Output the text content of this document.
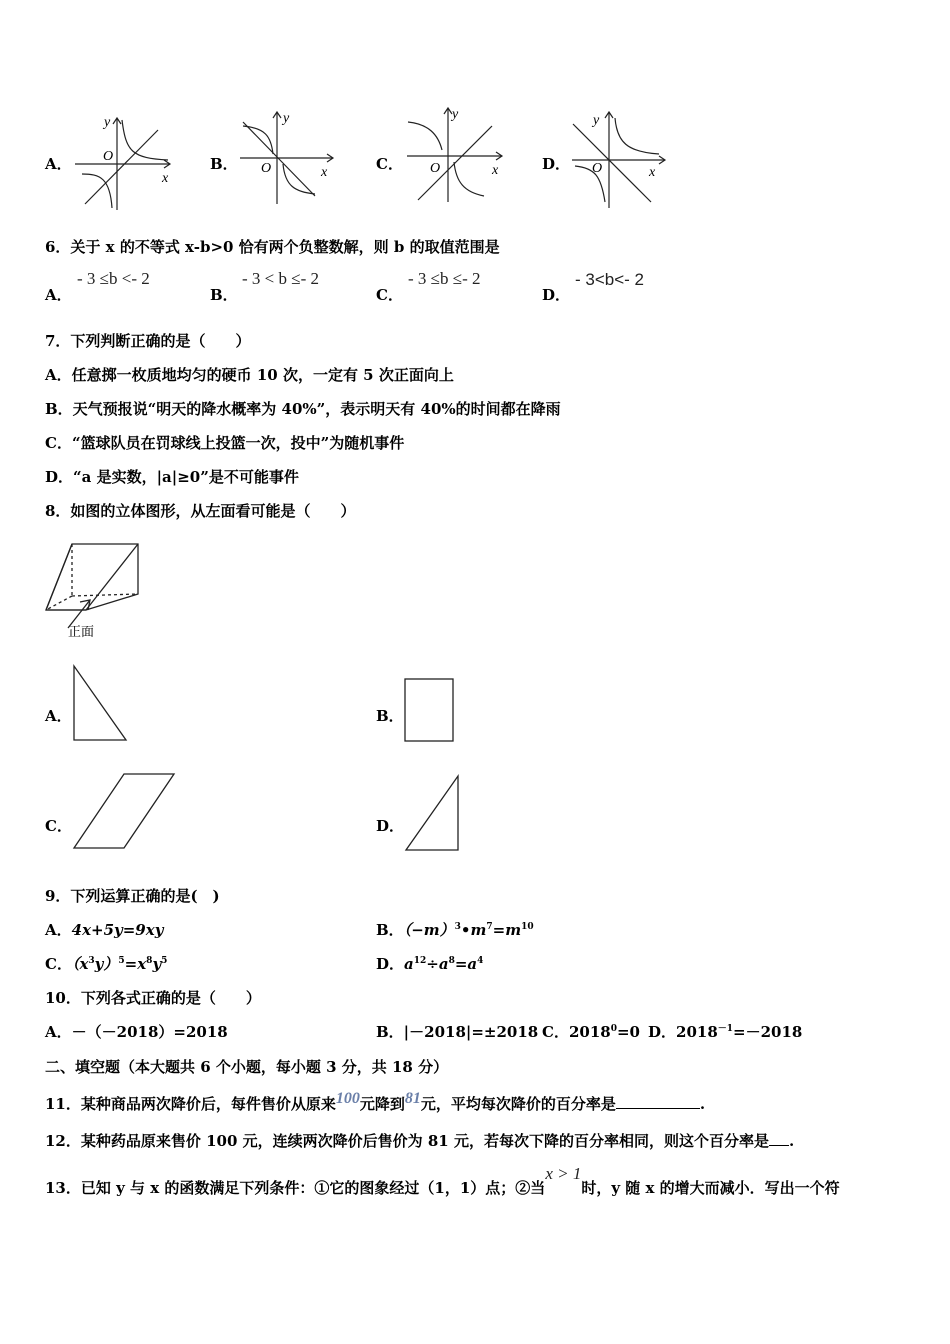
A．
y
O
x
B．
y
O	x	C．
y
O	x	D．
y
O	x
6．关于 x 的不等式 x-b>0 恰有两个负整数解，则 b 的取值范围是
A．
- 3 ≤b <- 2
B．
- 3 < b ≤- 2
C．
- 3 ≤b ≤- 2
D．
- 3<b<- 2
7．下列判断正确的是（　　）
A．任意掷一枚质地均匀的硬币 10 次，一定有 5 次正面向上
B．天气预报说“明天的降水概率为 40%”，表示明天有 40%的时间都在降雨
C．“篮球队员在罚球线上投篮一次，投中”为随机事件
D．“a 是实数，|a|≥0”是不可能事件
8．如图的立体图形，从左面看可能是（　　）
正面
A．	B．
C．	D．
9．下列运算正确的是(　)
A．4x+5y=9xy	B．$(-m)^3•m^7=m^{10}$
C．$(x^3y)^5=x^8y^5$	D．$a^{12}\div a^8=a^4$
10．下列各式正确的是（　　）
A．－（－2018）=2018	B．|－2018|=±2018 C．$2018^0=0$ D．$2018^{-1}=-2018$
二、填空题（本大题共 6 个小题，每小题 3 分，共 18 分）
11．某种商品两次降价后，每件售价从原来100元降到81元，平均每次降价的百分率是	.
12．某种药品原来售价 100 元，连续两次降价后售价为 81 元，若每次下降的百分率相同，则这个百分率是 .
13．已知 y 与 x 的函数满足下列条件：①它的图象经过（1，1）点；②当x > 1时，y 随 x 的增大而减小．写出一个符
